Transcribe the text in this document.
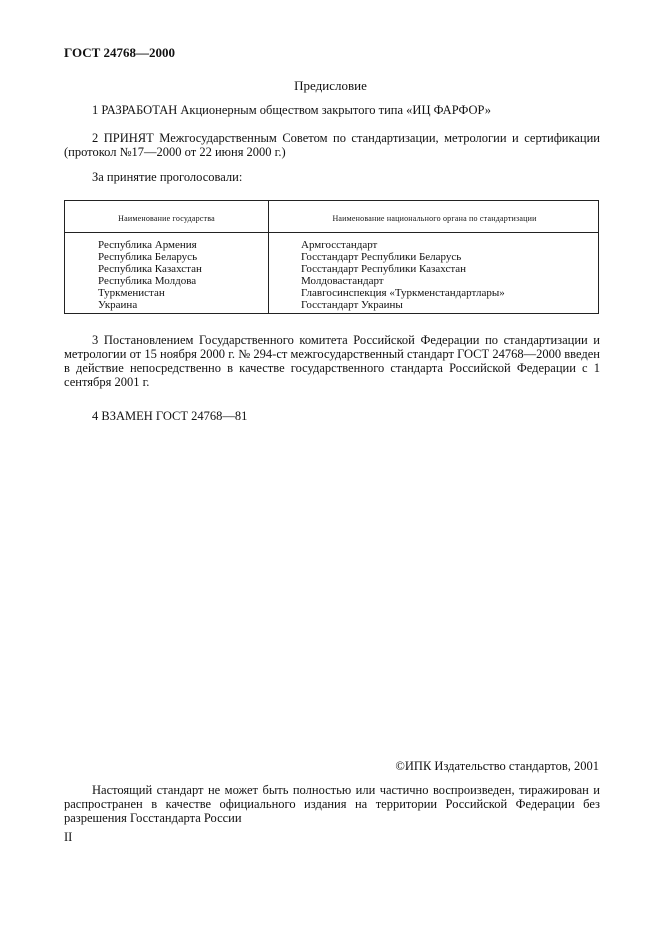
ГОСТ 24768—2000
Предисловие
1 РАЗРАБОТАН Акционерным обществом закрытого типа «ИЦ ФАРФОР»
2 ПРИНЯТ Межгосударственным Советом по стандартизации, метрологии и сертификации (протокол №17—2000 от 22 июня 2000 г.)
За принятие проголосовали:
Наименование государства	Наименование национального органа по стандартизации
Республика Армения
Республика Беларусь
Республика Казахстан
Республика Молдова
Туркменистан
Украина
Армгосстандарт
Госстандарт Республики Беларусь
Госстандарт Республики Казахстан
Молдовастандарт
Главгосинспекция «Туркменстандартлары»
Госстандарт Украины
3 Постановлением Государственного комитета Российской Федерации по стандартизации и метрологии от 15 ноября 2000 г. № 294-ст межгосударственный стандарт ГОСТ 24768—2000 введен в действие непосредственно в качестве государственного стандарта Российской Федерации с 1 сентября 2001 г.
4 ВЗАМЕН ГОСТ 24768—81
©ИПК Издательство стандартов, 2001
Настоящий стандарт не может быть полностью или частично воспроизведен, тиражирован и распространен в качестве официального издания на территории Российской Федерации без разрешения Госстандарта России
II
